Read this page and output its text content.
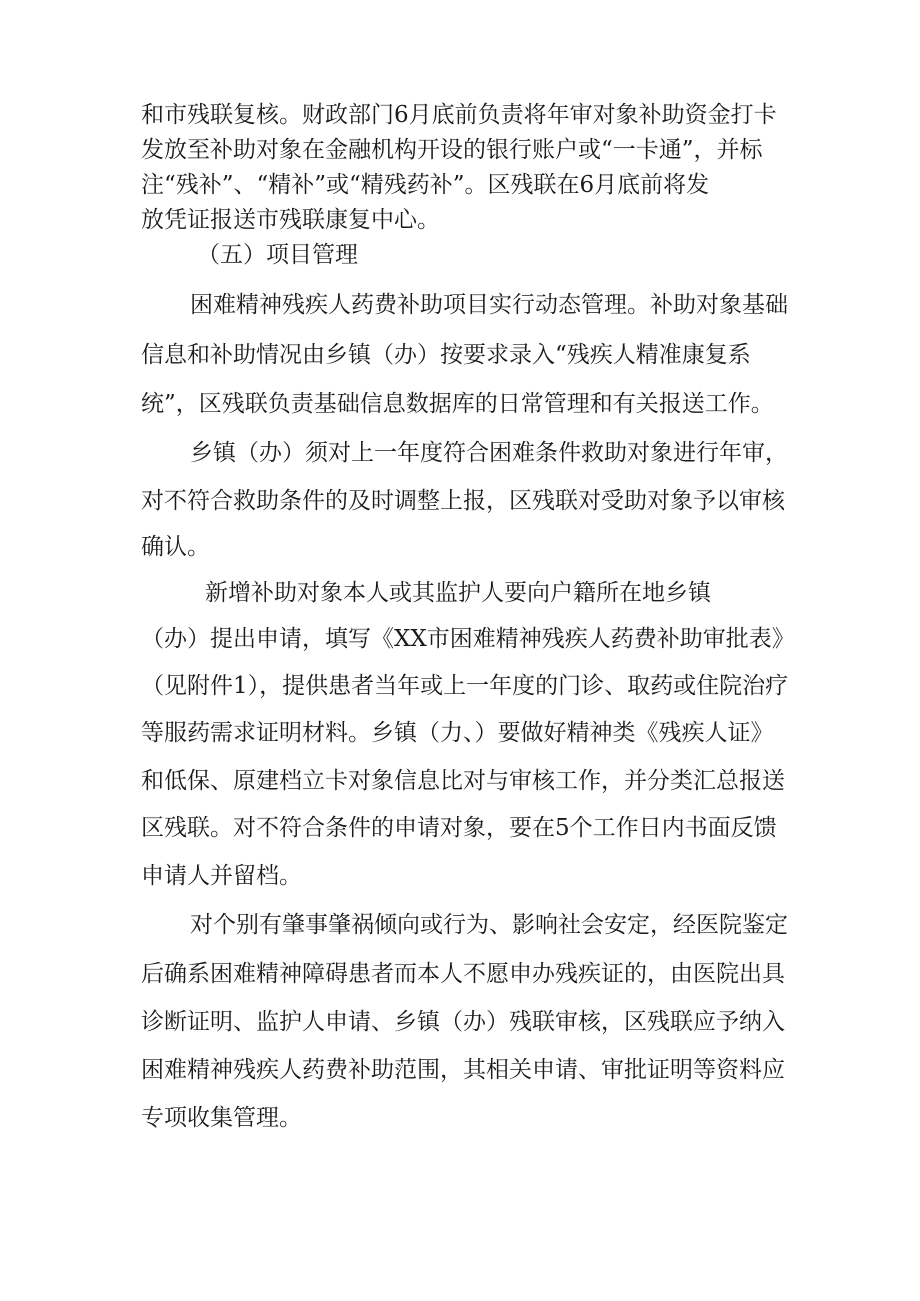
和市残联复核。财政部门6月底前负责将年审对象补助资金打卡
发放至补助对象在金融机构开设的银行账户或“一卡通”，并标
注“残补”、“精补”或“精残药补”。区残联在6月底前将发
放凭证报送市残联康复中心。
（五）项目管理
困难精神残疾人药费补助项目实行动态管理。补助对象基础
信息和补助情况由乡镇（办）按要求录入“残疾人精准康复系
统”，区残联负责基础信息数据库的日常管理和有关报送工作。
乡镇（办）须对上一年度符合困难条件救助对象进行年审，
对不符合救助条件的及时调整上报，区残联对受助对象予以审核
确认。
新增补助对象本人或其监护人要向户籍所在地乡镇
（办）提出申请，填写《XX市困难精神残疾人药费补助审批表》
（见附件1），提供患者当年或上一年度的门诊、取药或住院治疗
等服药需求证明材料。乡镇（力、）要做好精神类《残疾人证》
和低保、原建档立卡对象信息比对与审核工作，并分类汇总报送
区残联。对不符合条件的申请对象，要在5个工作日内书面反馈
申请人并留档。
对个别有肇事肇祸倾向或行为、影响社会安定，经医院鉴定
后确系困难精神障碍患者而本人不愿申办残疾证的，由医院出具
诊断证明、监护人申请、乡镇（办）残联审核，区残联应予纳入
困难精神残疾人药费补助范围，其相关申请、审批证明等资料应
专项收集管理。
